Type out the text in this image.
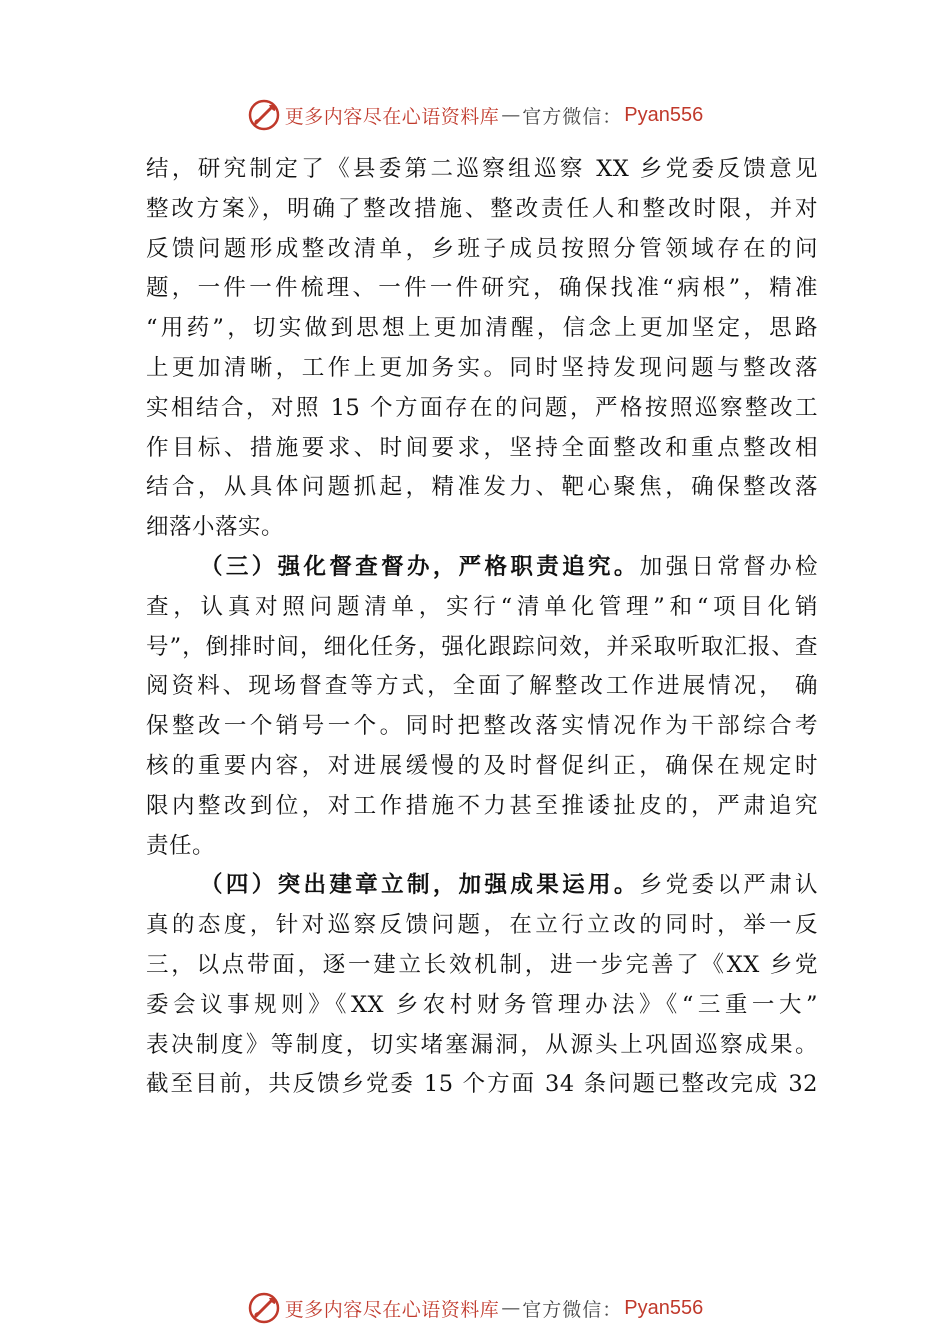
更多内容尽在心语资料库 — 官方微信： Pyan556
结，研究制定了《县委第二巡察组巡察 XX 乡党委反馈意见
整改方案》，明确了整改措施、整改责任人和整改时限，并对
反馈问题形成整改清单，乡班子成员按照分管领域存在的问
题，一件一件梳理、一件一件研究，确保找准“病根”，精准
“用药”，切实做到思想上更加清醒，信念上更加坚定，思路
上更加清晰，工作上更加务实。同时坚持发现问题与整改落
实相结合，对照 15 个方面存在的问题，严格按照巡察整改工
作目标、措施要求、时间要求，坚持全面整改和重点整改相
结合，从具体问题抓起，精准发力、靶心聚焦，确保整改落
细落小落实。
（三）强化督查督办，严格职责追究。加强日常督办检
查，认真对照问题清单，实行“清单化管理”和“项目化销
号”，倒排时间，细化任务，强化跟踪问效，并采取听取汇报、查
阅资料、现场督查等方式，全面了解整改工作进展情况， 确
保整改一个销号一个。同时把整改落实情况作为干部综合考
核的重要内容，对进展缓慢的及时督促纠正，确保在规定时
限内整改到位，对工作措施不力甚至推诿扯皮的，严肃追究
责任。
（四）突出建章立制，加强成果运用。乡党委以严肃认
真的态度，针对巡察反馈问题，在立行立改的同时，举一反
三，以点带面，逐一建立长效机制，进一步完善了《XX 乡党
委会议事规则》《XX 乡农村财务管理办法》《“三重一大”
表决制度》等制度，切实堵塞漏洞，从源头上巩固巡察成果。
截至目前，共反馈乡党委 15 个方面 34 条问题已整改完成 32
更多内容尽在心语资料库 — 官方微信： Pyan556
